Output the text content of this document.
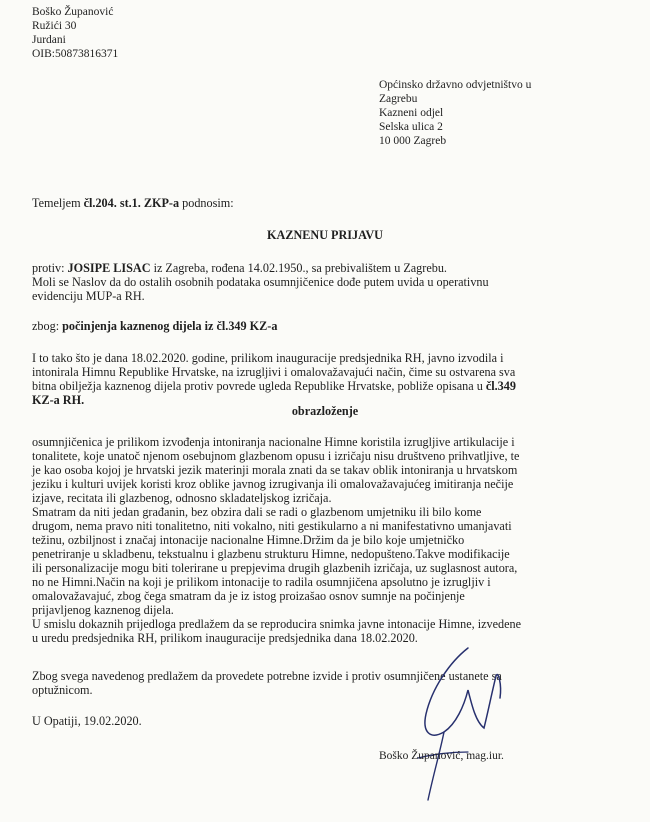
Boško Županović
Ružići 30
Jurdani
OIB:50873816371
Općinsko državno odvjetništvo u
Zagrebu
Kazneni odjel
Selska ulica 2
10 000 Zagreb
Temeljem čl.204. st.1. ZKP-a podnosim:
KAZNENU PRIJAVU
protiv: JOSIPE LISAC iz Zagreba, rođena 14.02.1950., sa prebivalištem u Zagrebu.
Moli se Naslov da do ostalih osobnih podataka osumnjičenice dođe putem uvida u operativnu
evidenciju MUP-a RH.
zbog: počinjenja kaznenog dijela iz čl.349 KZ-a
I to tako što je dana 18.02.2020. godine, prilikom inauguracije predsjednika RH, javno izvodila i
intonirala Himnu Republike Hrvatske, na izrugljivi i omalovažavajući način, čime su ostvarena sva
bitna obilježja kaznenog dijela protiv povrede ugleda Republike Hrvatske, pobliže opisana u čl.349
KZ-a RH.
obrazloženje
osumnjičenica je prilikom izvođenja intoniranja nacionalne Himne koristila izrugljive artikulacije i
tonalitete, koje unatoč njenom osebujnom glazbenom opusu i izričaju nisu društveno prihvatljive, te
je kao osoba kojoj je hrvatski jezik materinji morala znati da se takav oblik intoniranja u hrvatskom
jeziku i kulturi uvijek koristi kroz oblike javnog izrugivanja ili omalovažavajućeg imitiranja nečije
izjave, recitata ili glazbenog, odnosno skladateljskog izričaja.
Smatram da niti jedan građanin, bez obzira dali se radi o glazbenom umjetniku ili bilo kome
drugom, nema pravo niti tonalitetno, niti vokalno, niti gestikularno a ni manifestativno umanjavati
težinu, ozbiljnost i značaj intonacije nacionalne Himne.Držim da je bilo koje umjetničko
penetriranje u skladbenu, tekstualnu i glazbenu strukturu Himne, nedopušteno.Takve modifikacije
ili personalizacije mogu biti tolerirane u prepjevima drugih glazbenih izričaja, uz suglasnost autora,
no ne Himni.Način na koji je prilikom intonacije to radila osumnjičena apsolutno je izrugljiv i
omalovažavajuć, zbog čega smatram da je iz istog proizašao osnov sumnje na počinjenje
prijavljenog kaznenog dijela.
U smislu dokaznih prijedloga predlažem da se reproducira snimka javne intonacije Himne, izvedene
u uredu predsjednika RH, prilikom inauguracije predsjednika dana 18.02.2020.
Zbog svega navedenog predlažem da provedete potrebne izvide i protiv osumnjičene ustanete sa
optužnicom.
U Opatiji, 19.02.2020.
Boško Županović, mag.iur.
